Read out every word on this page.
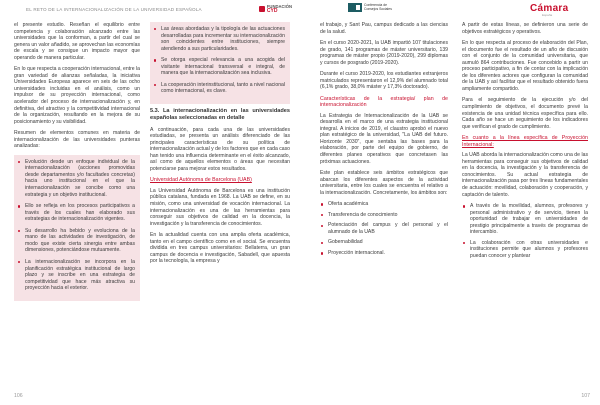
EL RETO DE LA INTERNACIONALIZACIÓN DE LA UNIVERSIDAD ESPAÑOLA
FUNDACIÓN
CYD

el presente estudio. Reseñan el equilibrio entre competencia y colaboración alcanzado entre las universidades que la conforman, a partir del cual se genera un valor añadido, se aprovechan las economías de escala y se consigue un impacto mayor que operando de manera particular.

En lo que respecta a cooperación internacional, entre la gran variedad de alianzas señaladas, la iniciativa Universidades Europeas aparece en seis de las ocho universidades incluidas en el análisis, como un impulsor de su proyección internacional, como acelerador del proceso de internacionalización y, en definitiva, del atractivo y la competitividad internacional de la organización, resultando en la mejora de su posicionamiento y su visibilidad.

Resumen de elementos comunes en materia de internacionalización de las universidades punteras analizadas:

Evolución desde un enfoque individual de la internacionalización (acciones promovidas desde departamentos y/o facultades concretas) hacia uno institucional en el que la internacionalización se concibe como una estrategia y un objetivo institucional.
Ello se refleja en los procesos participativos a través de los cuales han elaborado sus estrategias de internacionalización vigentes.
Su desarrollo ha bebido y evoluciona de la mano de las actividades de investigación, de modo que existe cierta sinergia entre ambas dimensiones, potenciándose mutuamente.
La internacionalización se incorpora en la planificación estratégica institucional de largo plazo y se inscribe en una estrategia de competitividad que hace más atractiva su proyección hacia el exterior.
Las áreas abordadas y la tipología de las actuaciones desarrolladas para incrementar su internacionalización son coincidentes entre instituciones, siempre atendiendo a sus particularidades.
Se otorga especial relevancia a una acogida del visitante internacional transversal e integral, de manera que la internacionalización sea inclusiva.
La cooperación interinstitucional, tanto a nivel nacional como internacional, es clave.
5.3. La internacionalización en las universidades españolas seleccionadas en detalle

A continuación, para cada una de las universidades estudiadas, se presenta un análisis diferenciado de las principales características de su política de internacionalización actual y de los factores que en cada caso han tenido una influencia determinante en el éxito alcanzado, así como de aquellos elementos o áreas que necesitan potenciarse para mejorar estos resultados.

Universidad Autónoma de Barcelona (UAB)

La Universidad Autónoma de Barcelona es una institución pública catalana, fundada en 1968. La UAB se define, en su misión, como una universidad de vocación internacional. La internacionalización es una de las herramientas para conseguir sus objetivos de calidad en la docencia, la investigación y la transferencia de conocimientos.

En la actualidad cuenta con una amplia oferta académica, tanto en el campo científico como en el social. Se encuentra dividida en tres campus universitarios: Bellaterra, un gran campus de docencia e investigación, Sabadell, que apuesta por la tecnología, la empresa y

106
Conferencia de Consejos Sociales	Cámara
España

el trabajo, y Sant Pau, campus dedicado a las ciencias de la salud.

En el curso 2020-2021, la UAB impartió 107 titulaciones de grado, 141 programas de máster universitario, 139 programas de máster propio (2019-2020), 299 diplomas y cursos de posgrado (2019-2020).

Durante el curso 2019-2020, los estudiantes extranjeros matriculados representaron el 12,9% del alumnado total (6,1% grado, 38,0% máster y 17,3% doctorado).

Características de la estrategia/ plan de internacionalización

La Estrategia de Internacionalización de la UAB se desarrolla en el marco de una estrategia institucional integral. A inicios de 2019, el claustro aprobó el nuevo plan estratégico de la universidad, "La UAB del futuro. Horizonte 2030", que sentaba las bases para la elaboración, por parte del equipo de gobierno, de diferentes planes operativos que concretasen las próximas actuaciones.

Este plan establece seis ámbitos estratégicos que abarcan los diferentes aspectos de la actividad universitaria, entre los cuales se encuentra el relativo a la internacionalización. Concretamente, los ámbitos son:

Oferta académica
Transferencia de conocimiento
Potenciación del campus y del personal y el alumnado de la UAB
Gobernabilidad
Proyección internacional.

A partir de estas líneas, se definieron una serie de objetivos estratégicos y operativos.

En lo que respecta al proceso de elaboración del Plan, el documento fue el resultado de un año de discusión con el conjunto de la comunidad universitaria, que aumuló 864 contribuciones. Fue concebido a partir un proceso participativo, a fin de contar con la implicación de los diferentes actores que configuran la comunidad de la UAB y así facilitar que el resultado obtenido fuera ampliamente compartido.

Para el seguimiento de la ejecución y/o del cumplimiento de objetivos, el documento prevé la existencia de una unidad técnica específica para ello. Cada año se hace un seguimiento de los indicadores que verifican el grado de cumplimiento.

En cuanto a la línea específica de Proyección Internacional:

La UAB aborda la internacionalización como una de las herramientas para conseguir sus objetivos de calidad en la docencia, la investigación y la transferencia de conocimientos. Su actual estrategia de internacionalización pasa por tres líneas fundamentales de actuación: movilidad, colaboración y cooperación, y captación de talento.

A través de la movilidad, alumnos, profesores y personal administrativo y de servicio, tienen la oportunidad de trabajar en universidades de prestigio principalmente a través de programas de intercambio.
La colaboración con otras universidades e instituciones permite que alumnos y profesores puedan conocer y plantear
107
